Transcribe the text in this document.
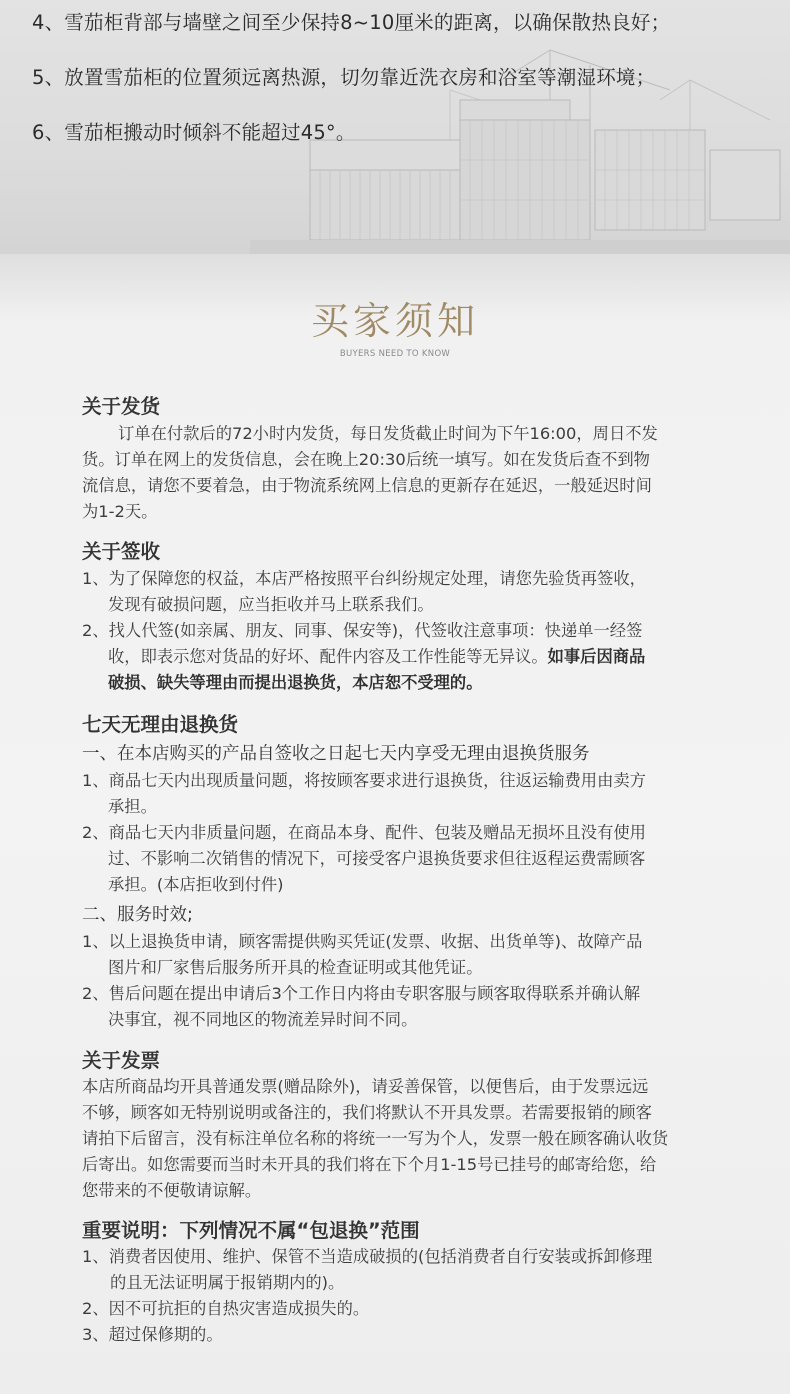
4、雪茄柜背部与墙壁之间至少保持8~10厘米的距离，以确保散热良好；
5、放置雪茄柜的位置须远离热源，切勿靠近洗衣房和浴室等潮湿环境；
6、雪茄柜搬动时倾斜不能超过45°。
买家须知
BUYERS NEED TO KNOW
关于发货
订单在付款后的72小时内发货，每日发货截止时间为下午16:00，周日不发
货。订单在网上的发货信息，会在晚上20:30后统一填写。如在发货后查不到物
流信息，请您不要着急，由于物流系统网上信息的更新存在延迟，一般延迟时间
为1-2天。
关于签收
1、为了保障您的权益，本店严格按照平台纠纷规定处理，请您先验货再签收，
发现有破损问题，应当拒收并马上联系我们。
2、找人代签(如亲属、朋友、同事、保安等)，代签收注意事项：快递单一经签
收，即表示您对货品的好坏、配件内容及工作性能等无异议。如事后因商品
破损、缺失等理由而提出退换货，本店恕不受理的。
七天无理由退换货
一、在本店购买的产品自签收之日起七天内享受无理由退换货服务
1、商品七天内出现质量问题，将按顾客要求进行退换货，往返运输费用由卖方
承担。
2、商品七天内非质量问题，在商品本身、配件、包装及赠品无损坏且没有使用
过、不影响二次销售的情况下，可接受客户退换货要求但往返程运费需顾客
承担。(本店拒收到付件)
二、服务时效;
1、以上退换货申请，顾客需提供购买凭证(发票、收据、出货单等)、故障产品
图片和厂家售后服务所开具的检查证明或其他凭证。
2、售后问题在提出申请后3个工作日内将由专职客服与顾客取得联系并确认解
决事宜，视不同地区的物流差异时间不同。
关于发票
本店所商品均开具普通发票(赠品除外)，请妥善保管，以便售后，由于发票远远
不够，顾客如无特别说明或备注的，我们将默认不开具发票。若需要报销的顾客
请拍下后留言，没有标注单位名称的将统一一写为个人，发票一般在顾客确认收货
后寄出。如您需要而当时未开具的我们将在下个月1-15号已挂号的邮寄给您，给
您带来的不便敬请谅解。
重要说明：下列情况不属“包退换”范围
1、消费者因使用、维护、保管不当造成破损的(包括消费者自行安装或拆卸修理
的且无法证明属于报销期内的)。
2、因不可抗拒的自热灾害造成损失的。
3、超过保修期的。
